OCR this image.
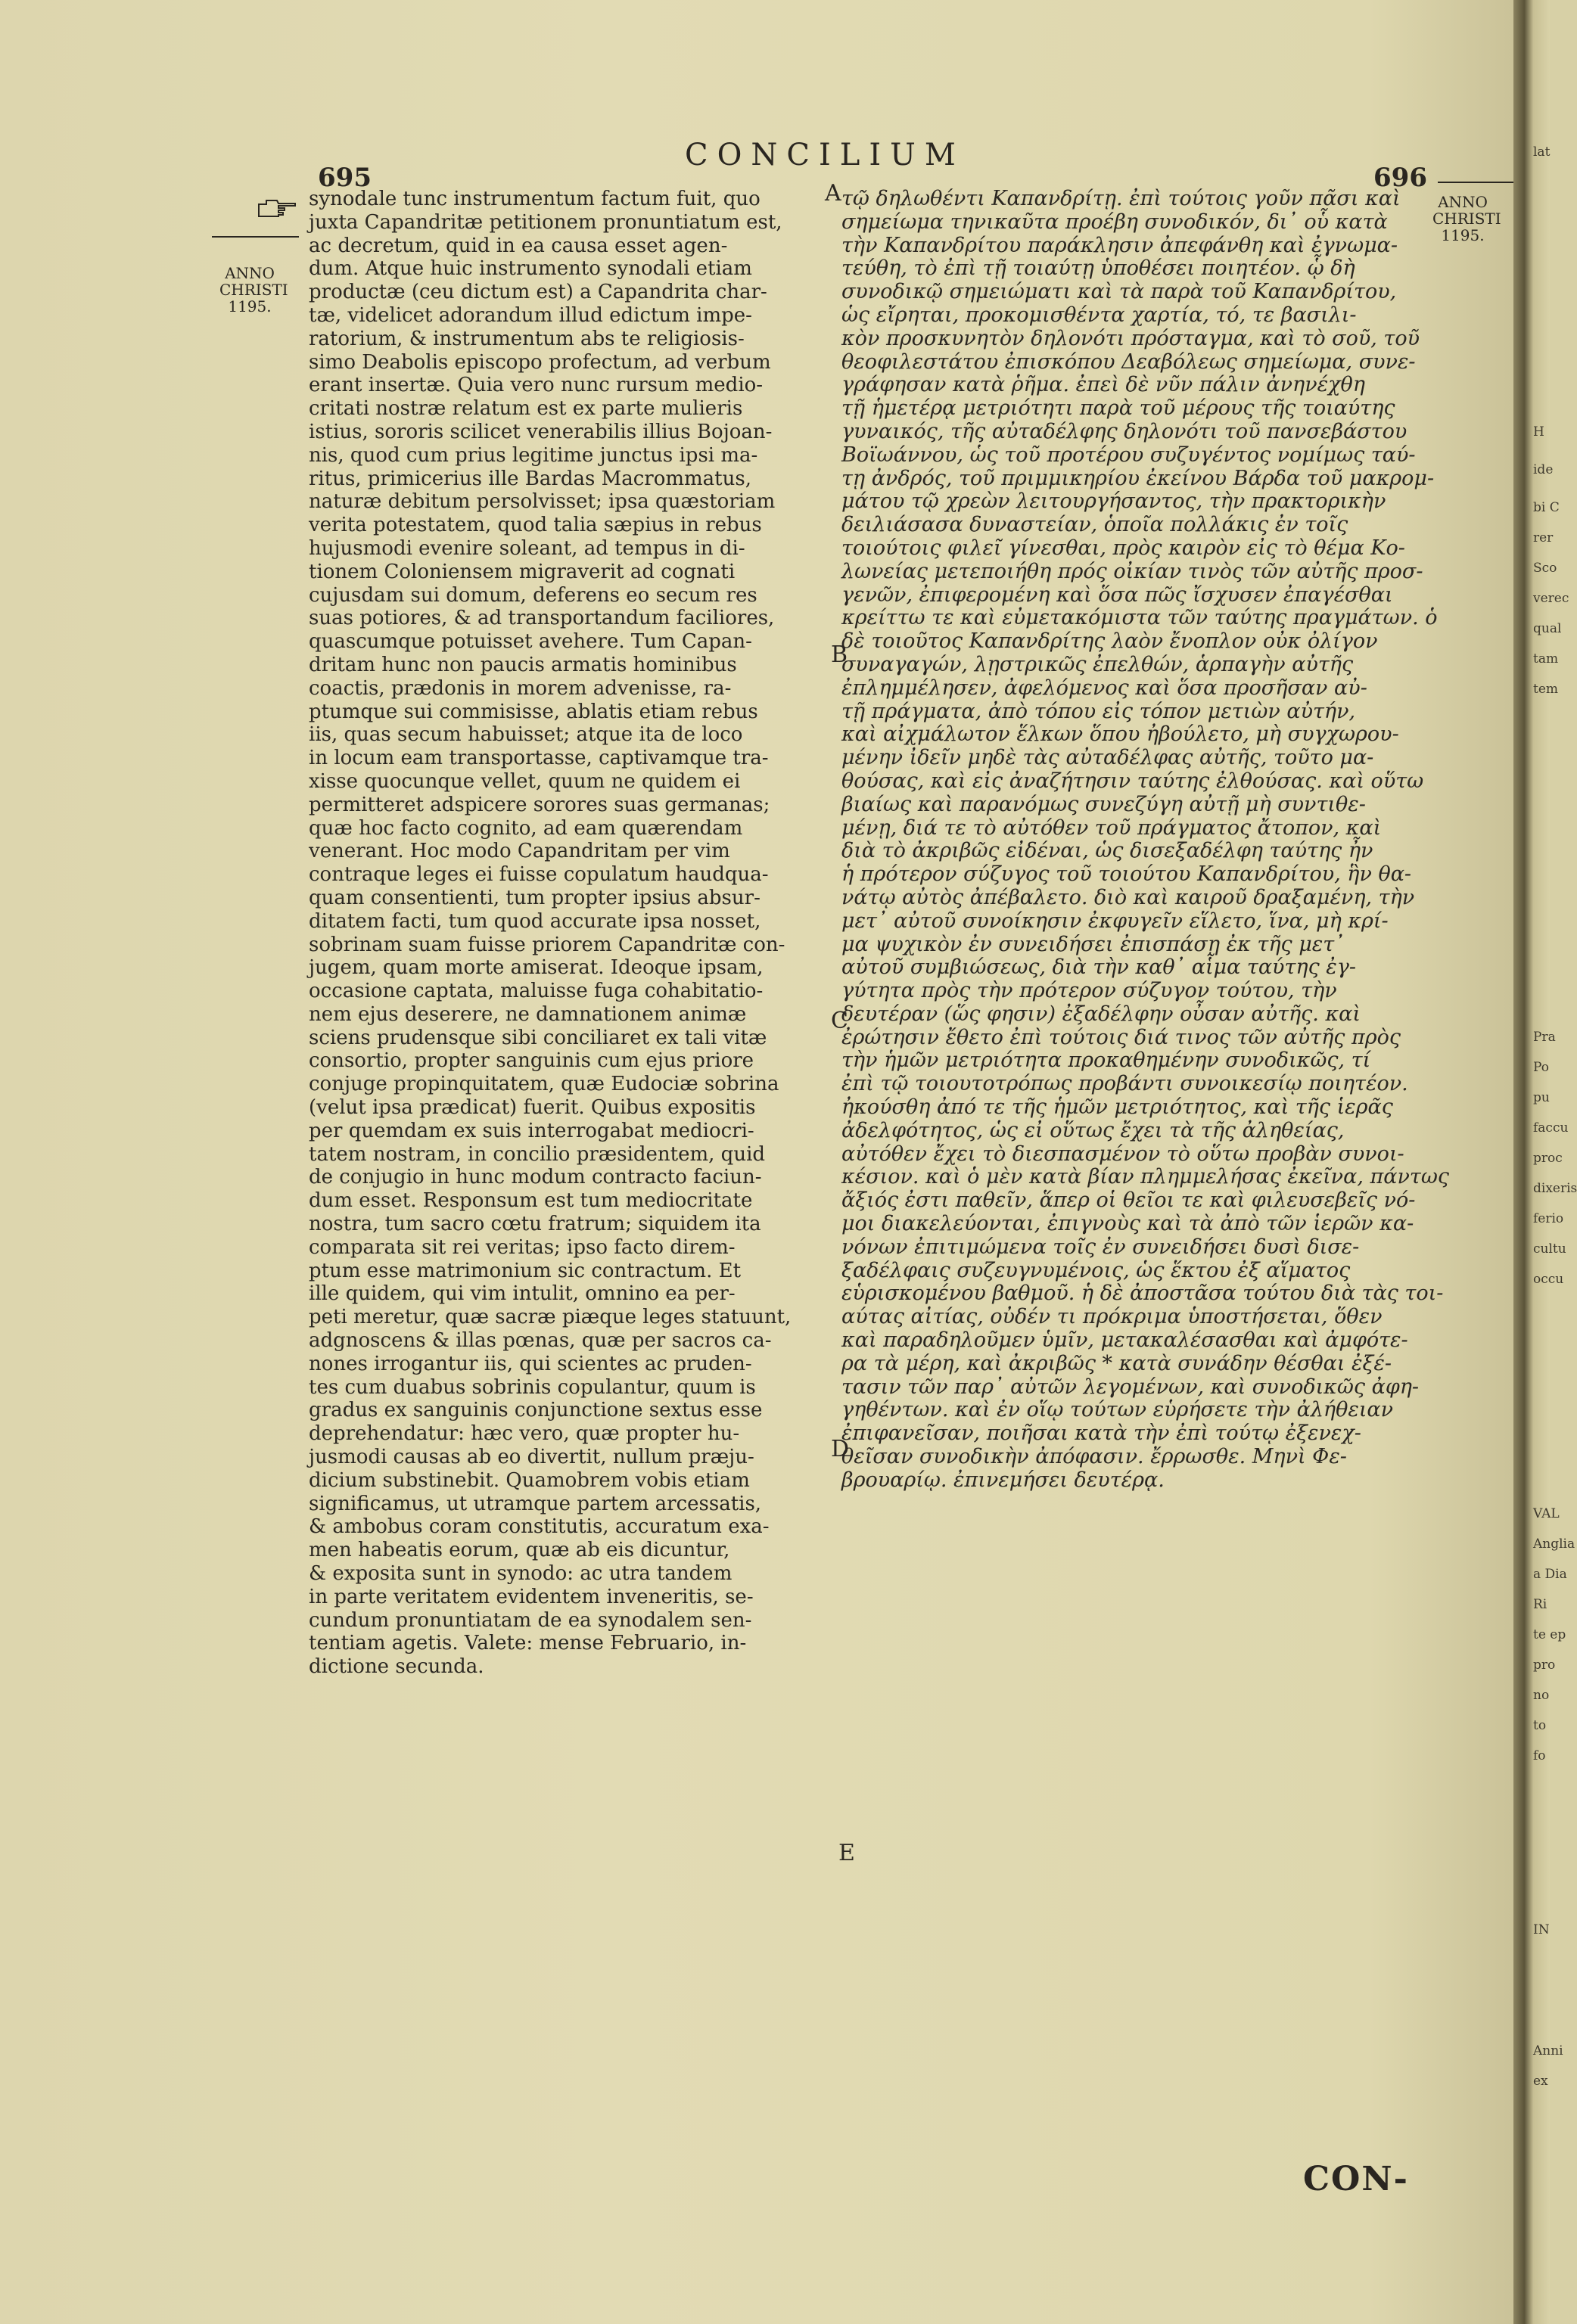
695
CONCILIUM
696
ANNO
CHRISTI
1195.
ANNO
CHRISTI
1195.
A
B
C
D
E
synodale tunc instrumentum factum fuit, quo
juxta Capandritæ petitionem pronuntiatum est,
ac decretum, quid in ea causa esset agen-
dum. Atque huic instrumento synodali etiam
productæ (ceu dictum est) a Capandrita char-
tæ, videlicet adorandum illud edictum impe-
ratorium, & instrumentum abs te religiosis-
simo Deabolis episcopo profectum, ad verbum
erant insertæ. Quia vero nunc rursum medio-
critati nostræ relatum est ex parte mulieris
istius, sororis scilicet venerabilis illius Bojoan-
nis, quod cum prius legitime junctus ipsi ma-
ritus, primicerius ille Bardas Macrommatus,
naturæ debitum persolvisset; ipsa quæstoriam
verita potestatem, quod talia sæpius in rebus
hujusmodi evenire soleant, ad tempus in di-
tionem Coloniensem migraverit ad cognati
cujusdam sui domum, deferens eo secum res
suas potiores, & ad transportandum faciliores,
quascumque potuisset avehere. Tum Capan-
dritam hunc non paucis armatis hominibus
coactis, prædonis in morem advenisse, ra-
ptumque sui commisisse, ablatis etiam rebus
iis, quas secum habuisset; atque ita de loco
in locum eam transportasse, captivamque tra-
xisse quocunque vellet, quum ne quidem ei
permitteret adspicere sorores suas germanas;
quæ hoc facto cognito, ad eam quærendam
venerant. Hoc modo Capandritam per vim
contraque leges ei fuisse copulatum haudqua-
quam consentienti, tum propter ipsius absur-
ditatem facti, tum quod accurate ipsa nosset,
sobrinam suam fuisse priorem Capandritæ con-
jugem, quam morte amiserat. Ideoque ipsam,
occasione captata, maluisse fuga cohabitatio-
nem ejus deserere, ne damnationem animæ
sciens prudensque sibi conciliaret ex tali vitæ
consortio, propter sanguinis cum ejus priore
conjuge propinquitatem, quæ Eudociæ sobrina
(velut ipsa prædicat) fuerit. Quibus expositis
per quemdam ex suis interrogabat mediocri-
tatem nostram, in concilio præsidentem, quid
de conjugio in hunc modum contracto faciun-
dum esset. Responsum est tum mediocritate
nostra, tum sacro cœtu fratrum; siquidem ita
comparata sit rei veritas; ipso facto direm-
ptum esse matrimonium sic contractum. Et
ille quidem, qui vim intulit, omnino ea per-
peti meretur, quæ sacræ piæque leges statuunt,
adgnoscens & illas pœnas, quæ per sacros ca-
nones irrogantur iis, qui scientes ac pruden-
tes cum duabus sobrinis copulantur, quum is
gradus ex sanguinis conjunctione sextus esse
deprehendatur: hæc vero, quæ propter hu-
jusmodi causas ab eo divertit, nullum præju-
dicium substinebit. Quamobrem vobis etiam
significamus, ut utramque partem arcessatis,
& ambobus coram constitutis, accuratum exa-
men habeatis eorum, quæ ab eis dicuntur,
& exposita sunt in synodo: ac utra tandem
in parte veritatem evidentem inveneritis, se-
cundum pronuntiatam de ea synodalem sen-
tentiam agetis. Valete: mense Februario, in-
dictione secunda.
τῷ δηλωθέντι Καπανδρίτῃ. ἐπὶ τούτοις γοῦν πᾶσι καὶ
σημείωμα τηνικαῦτα προέβη συνοδικόν, δι᾽ οὗ κατὰ
τὴν Καπανδρίτου παράκλησιν ἀπεφάνθη καὶ ἐγνωμα-
τεύθη, τὸ ἐπὶ τῇ τοιαύτῃ ὑποθέσει ποιητέον. ᾧ δὴ
συνοδικῷ σημειώματι καὶ τὰ παρὰ τοῦ Καπανδρίτου,
ὡς εἴρηται, προκομισθέντα χαρτία, τό, τε βασιλι-
κὸν προσκυνητὸν δηλονότι πρόσταγμα, καὶ τὸ σοῦ, τοῦ
θεοφιλεστάτου ἐπισκόπου Δεαβόλεως σημείωμα, συνε-
γράφησαν κατὰ ῥῆμα. ἐπεὶ δὲ νῦν πάλιν ἀνηνέχθη
τῇ ἡμετέρᾳ μετριότητι παρὰ τοῦ μέρους τῆς τοιαύτης
γυναικός, τῆς αὐταδέλφης δηλονότι τοῦ πανσεβάστου
Βοϊωάννου, ὡς τοῦ προτέρου συζυγέντος νομίμως ταύ-
τῃ ἀνδρός, τοῦ πριμμικηρίου ἐκείνου Βάρδα τοῦ μακρομ-
μάτου τῷ χρεὼν λειτουργήσαντος, τὴν πρακτορικὴν
δειλιάσασα δυναστείαν, ὁποῖα πολλάκις ἐν τοῖς
τοιούτοις φιλεῖ γίνεσθαι, πρὸς καιρὸν εἰς τὸ θέμα Κο-
λωνείας μετεποιήθη πρός οἰκίαν τινὸς τῶν αὐτῆς προσ-
γενῶν, ἐπιφερομένη καὶ ὅσα πῶς ἴσχυσεν ἐπαγέσθαι
κρείττω τε καὶ εὐμετακόμιστα τῶν ταύτης πραγμάτων. ὁ
δὲ τοιοῦτος Καπανδρίτης λαὸν ἔνοπλον οὐκ ὀλίγον
συναγαγών, λῃστρικῶς ἐπελθών, ἁρπαγὴν αὐτῆς
ἐπλημμέλησεν, ἀφελόμενος καὶ ὅσα προσῆσαν αὐ-
τῇ πράγματα, ἀπὸ τόπου εἰς τόπον μετιὼν αὐτήν,
καὶ αἰχμάλωτον ἕλκων ὅπου ἠβούλετο, μὴ συγχωρου-
μένην ἰδεῖν μηδὲ τὰς αὐταδέλφας αὐτῆς, τοῦτο μα-
θούσας, καὶ εἰς ἀναζήτησιν ταύτης ἐλθούσας. καὶ οὕτω
βιαίως καὶ παρανόμως συνεζύγη αὐτῇ μὴ συντιθε-
μένῃ, διά τε τὸ αὐτόθεν τοῦ πράγματος ἄτοπον, καὶ
διὰ τὸ ἀκριβῶς εἰδέναι, ὡς δισεξαδέλφη ταύτης ἦν
ἡ πρότερον σύζυγος τοῦ τοιούτου Καπανδρίτου, ἣν θα-
νάτῳ αὐτὸς ἀπέβαλετο. διὸ καὶ καιροῦ δραξαμένη, τὴν
μετ᾽ αὐτοῦ συνοίκησιν ἐκφυγεῖν εἵλετο, ἵνα, μὴ κρί-
μα ψυχικὸν ἐν συνειδήσει ἐπισπάσῃ ἐκ τῆς μετ᾽
αὐτοῦ συμβιώσεως, διὰ τὴν καθ᾽ αἷμα ταύτης ἐγ-
γύτητα πρὸς τὴν πρότερον σύζυγον τούτου, τὴν
δευτέραν (ὥς φησιν) ἐξαδέλφην οὖσαν αὐτῆς. καὶ
ἐρώτησιν ἔθετο ἐπὶ τούτοις διά τινος τῶν αὐτῆς πρὸς
τὴν ἡμῶν μετριότητα προκαθημένην συνοδικῶς, τί
ἐπὶ τῷ τοιουτοτρόπως προβάντι συνοικεσίῳ ποιητέον.
ἠκούσθη ἀπό τε τῆς ἡμῶν μετριότητος, καὶ τῆς ἱερᾶς
ἀδελφότητος, ὡς εἰ οὕτως ἔχει τὰ τῆς ἀληθείας,
αὐτόθεν ἔχει τὸ διεσπασμένον τὸ οὕτω προβὰν συνοι-
κέσιον. καὶ ὁ μὲν κατὰ βίαν πλημμελήσας ἐκεῖνα, πάντως
ἄξιός ἐστι παθεῖν, ἅπερ οἱ θεῖοι τε καὶ φιλευσεβεῖς νό-
μοι διακελεύονται, ἐπιγνοὺς καὶ τὰ ἀπὸ τῶν ἱερῶν κα-
νόνων ἐπιτιμώμενα τοῖς ἐν συνειδήσει δυσὶ δισε-
ξαδέλφαις συζευγνυμένοις, ὡς ἕκτου ἐξ αἵματος
εὑρισκομένου βαθμοῦ. ἡ δὲ ἀποστᾶσα τούτου διὰ τὰς τοι-
αύτας αἰτίας, οὐδέν τι πρόκριμα ὑποστήσεται, ὅθεν
καὶ παραδηλοῦμεν ὑμῖν, μετακαλέσασθαι καὶ ἀμφότε-
ρα τὰ μέρη, καὶ ἀκριβῶς * κατὰ συνάδην θέσθαι ἐξέ-
τασιν τῶν παρ᾽ αὐτῶν λεγομένων, καὶ συνοδικῶς ἀφη-
γηθέντων. καὶ ἐν οἵῳ τούτων εὑρήσετε τὴν ἀλήθειαν
ἐπιφανεῖσαν, ποιῆσαι κατὰ τὴν ἐπὶ τούτῳ ἐξενεχ-
θεῖσαν συνοδικὴν ἀπόφασιν. ἔρρωσθε. Μηνὶ Φε-
βρουαρίῳ. ἐπινεμήσει δευτέρᾳ.
CON-
lat
H
ide
bi C
rer
Sco
verec
qual
tam
tem
Pra
Po
pu
faccu
proc
dixeris
ferio
cultu
occu
VAL
Anglia
a Dia
Ri
te ep
pro
no
to
fo
IN
Anni
ex
